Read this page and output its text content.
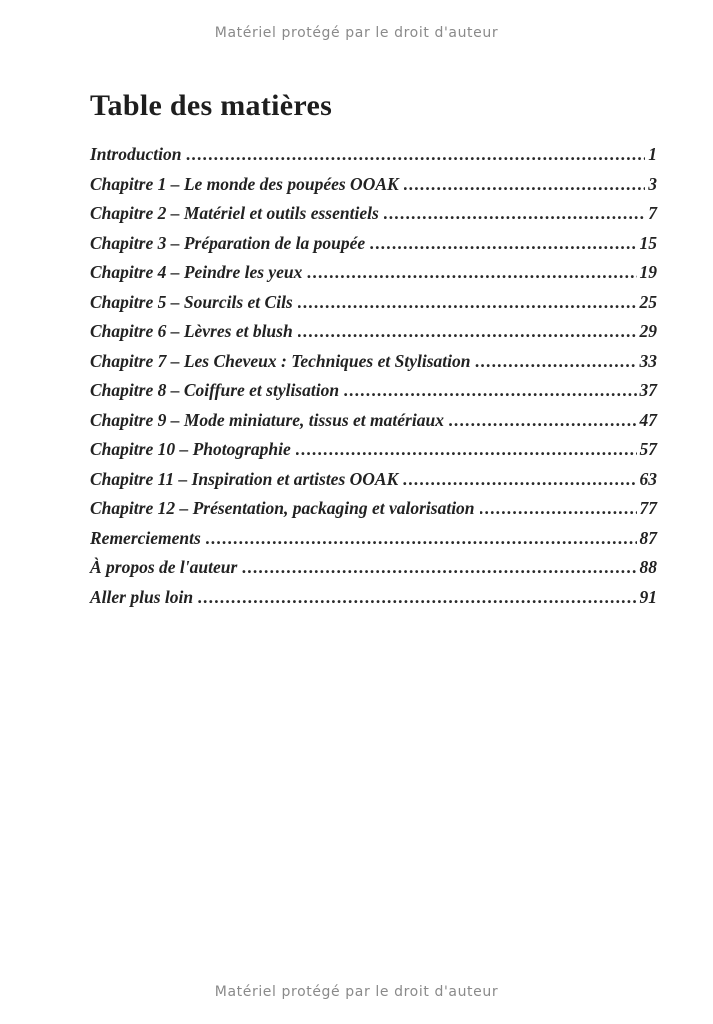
Matériel protégé par le droit d'auteur
Table des matières
Introduction .....	1
Chapitre 1 – Le monde des poupées OOAK .....	3
Chapitre 2 – Matériel et outils essentiels .....	7
Chapitre 3 – Préparation de la poupée .....	15
Chapitre 4 – Peindre les yeux .....	19
Chapitre 5 – Sourcils et Cils .....	25
Chapitre 6 – Lèvres et blush .....	29
Chapitre 7 – Les Cheveux : Techniques et Stylisation .....	33
Chapitre 8 – Coiffure et stylisation .....	37
Chapitre 9 – Mode miniature, tissus et matériaux .....	47
Chapitre 10 – Photographie .....	57
Chapitre 11 – Inspiration et artistes OOAK .....	63
Chapitre 12 – Présentation, packaging et valorisation .....	77
Remerciements .....	87
À propos de l'auteur .....	88
Aller plus loin .....	91
Matériel protégé par le droit d'auteur
